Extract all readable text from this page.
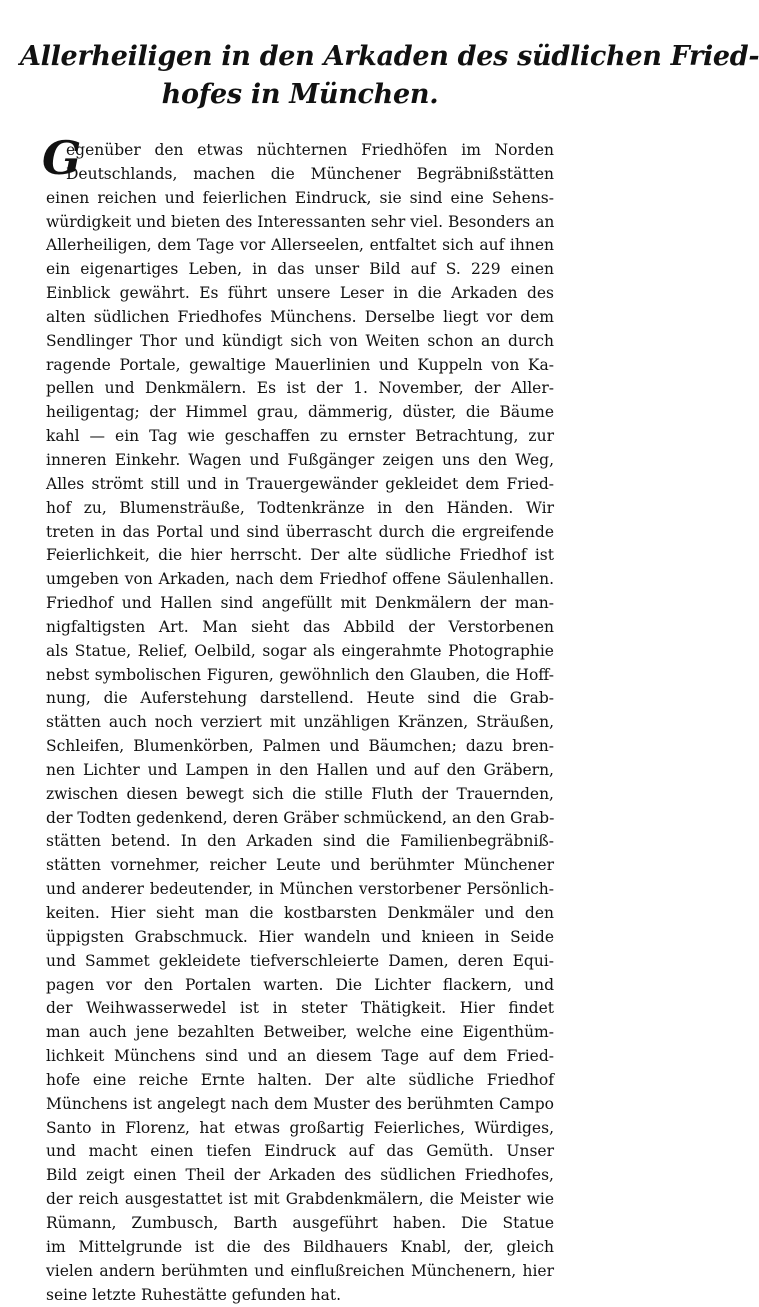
Allerheiligen in den Arkaden des südlichen Fried-
hofes in München.
G
egenüber den etwas nüchternen Friedhöfen im Norden
Deutschlands, machen die Münchener Begräbnißstätten
einen reichen und feierlichen Eindruck, sie sind eine Sehens-
würdigkeit und bieten des Interessanten sehr viel. Besonders an
Allerheiligen, dem Tage vor Allerseelen, entfaltet sich auf ihnen
ein eigenartiges Leben, in das unser Bild auf S. 229 einen
Einblick gewährt. Es führt unsere Leser in die Arkaden des
alten südlichen Friedhofes Münchens. Derselbe liegt vor dem
Sendlinger Thor und kündigt sich von Weiten schon an durch
ragende Portale, gewaltige Mauerlinien und Kuppeln von Ka-
pellen und Denkmälern. Es ist der 1. November, der Aller-
heiligentag; der Himmel grau, dämmerig, düster, die Bäume
kahl — ein Tag wie geschaffen zu ernster Betrachtung, zur
inneren Einkehr. Wagen und Fußgänger zeigen uns den Weg,
Alles strömt still und in Trauergewänder gekleidet dem Fried-
hof zu, Blumensträuße, Todtenkränze in den Händen. Wir
treten in das Portal und sind überrascht durch die ergreifende
Feierlichkeit, die hier herrscht. Der alte südliche Friedhof ist
umgeben von Arkaden, nach dem Friedhof offene Säulenhallen.
Friedhof und Hallen sind angefüllt mit Denkmälern der man-
nigfaltigsten Art. Man sieht das Abbild der Verstorbenen
als Statue, Relief, Oelbild, sogar als eingerahmte Photographie
nebst symbolischen Figuren, gewöhnlich den Glauben, die Hoff-
nung, die Auferstehung darstellend. Heute sind die Grab-
stätten auch noch verziert mit unzähligen Kränzen, Sträußen,
Schleifen, Blumenkörben, Palmen und Bäumchen; dazu bren-
nen Lichter und Lampen in den Hallen und auf den Gräbern,
zwischen diesen bewegt sich die stille Fluth der Trauernden,
der Todten gedenkend, deren Gräber schmückend, an den Grab-
stätten betend. In den Arkaden sind die Familienbegräbniß-
stätten vornehmer, reicher Leute und berühmter Münchener
und anderer bedeutender, in München verstorbener Persönlich-
keiten. Hier sieht man die kostbarsten Denkmäler und den
üppigsten Grabschmuck. Hier wandeln und knieen in Seide
und Sammet gekleidete tiefverschleierte Damen, deren Equi-
pagen vor den Portalen warten. Die Lichter flackern, und
der Weihwasserwedel ist in steter Thätigkeit. Hier findet
man auch jene bezahlten Betweiber, welche eine Eigenthüm-
lichkeit Münchens sind und an diesem Tage auf dem Fried-
hofe eine reiche Ernte halten. Der alte südliche Friedhof
Münchens ist angelegt nach dem Muster des berühmten Campo
Santo in Florenz, hat etwas großartig Feierliches, Würdiges,
und macht einen tiefen Eindruck auf das Gemüth. Unser
Bild zeigt einen Theil der Arkaden des südlichen Friedhofes,
der reich ausgestattet ist mit Grabdenkmälern, die Meister wie
Rümann, Zumbusch, Barth ausgeführt haben. Die Statue
im Mittelgrunde ist die des Bildhauers Knabl, der, gleich
vielen andern berühmten und einflußreichen Münchenern, hier
seine letzte Ruhestätte gefunden hat.
